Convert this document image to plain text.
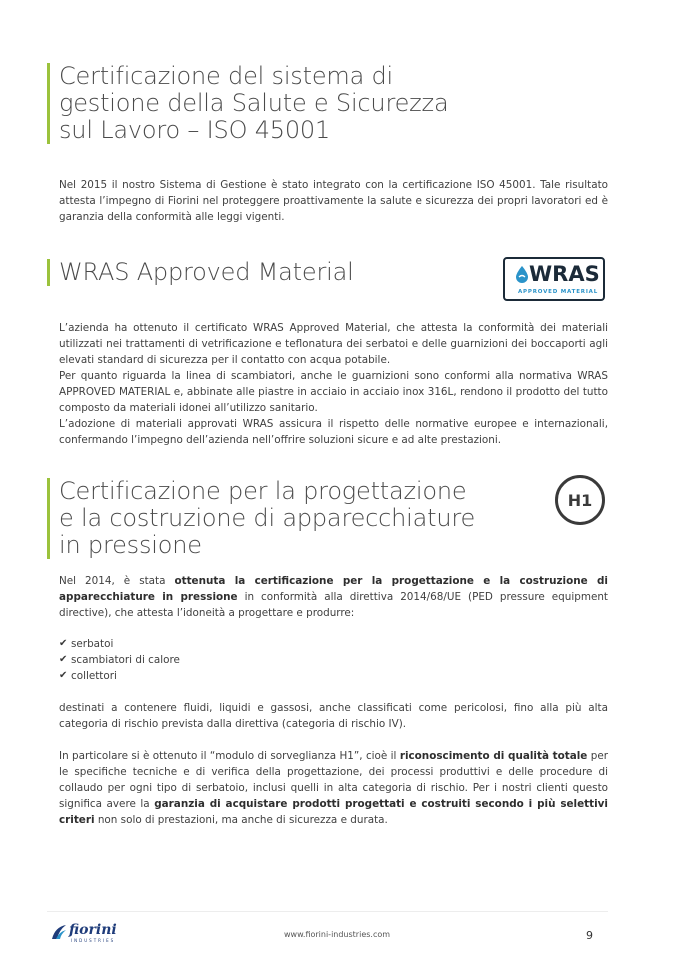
Certificazione del sistema di
gestione della Salute e Sicurezza
sul Lavoro – ISO 45001

Nel 2015 il nostro Sistema di Gestione è stato integrato con la certificazione ISO 45001. Tale risultato attesta l’impegno di Fiorini nel proteggere proattivamente la salute e sicurezza dei propri lavoratori ed è garanzia della conformità alle leggi vigenti.

WRAS Approved Material	WRAS
APPROVED MATERIAL
L’azienda ha ottenuto il certificato WRAS Approved Material, che attesta la conformità dei materiali utilizzati nei trattamenti di vetrificazione e teflonatura dei serbatoi e delle guarnizioni dei boccaporti agli elevati standard di sicurezza per il contatto con acqua potabile.
Per quanto riguarda la linea di scambiatori, anche le guarnizioni sono conformi alla normativa WRAS APPROVED MATERIAL e, abbinate alle piastre in acciaio in acciaio inox 316L, rendono il prodotto del tutto composto da materiali idonei all’utilizzo sanitario.
L’adozione di materiali approvati WRAS assicura il rispetto delle normative europee e internazionali, confermando l’impegno dell’azienda nell’offrire soluzioni sicure e ad alte prestazioni.
Certificazione per la progettazione
e la costruzione di apparecchiature
in pressione
H1

Nel 2014, è stata ottenuta la certificazione per la progettazione e la costruzione di apparecchiature in pressione in conformità alla direttiva 2014/68/UE (PED pressure equipment directive), che attesta l’idoneità a progettare e produrre:

✔ serbatoi
✔ scambiatori di calore
✔ collettori

destinati a contenere fluidi, liquidi e gassosi, anche classificati come pericolosi, fino alla più alta categoria di rischio prevista dalla direttiva (categoria di rischio IV).

In particolare si è ottenuto il “modulo di sorveglianza H1”, cioè il riconoscimento di qualità totale per le specifiche tecniche e di verifica della progettazione, dei processi produttivi e delle procedure di collaudo per ogni tipo di serbatoio, inclusi quelli in alta categoria di rischio. Per i nostri clienti questo significa avere la garanzia di acquistare prodotti progettati e costruiti secondo i più selettivi criteri non solo di prestazioni, ma anche di sicurezza e durata.

fiorini
INDUSTRIES
www.fiorini-industries.com	9
